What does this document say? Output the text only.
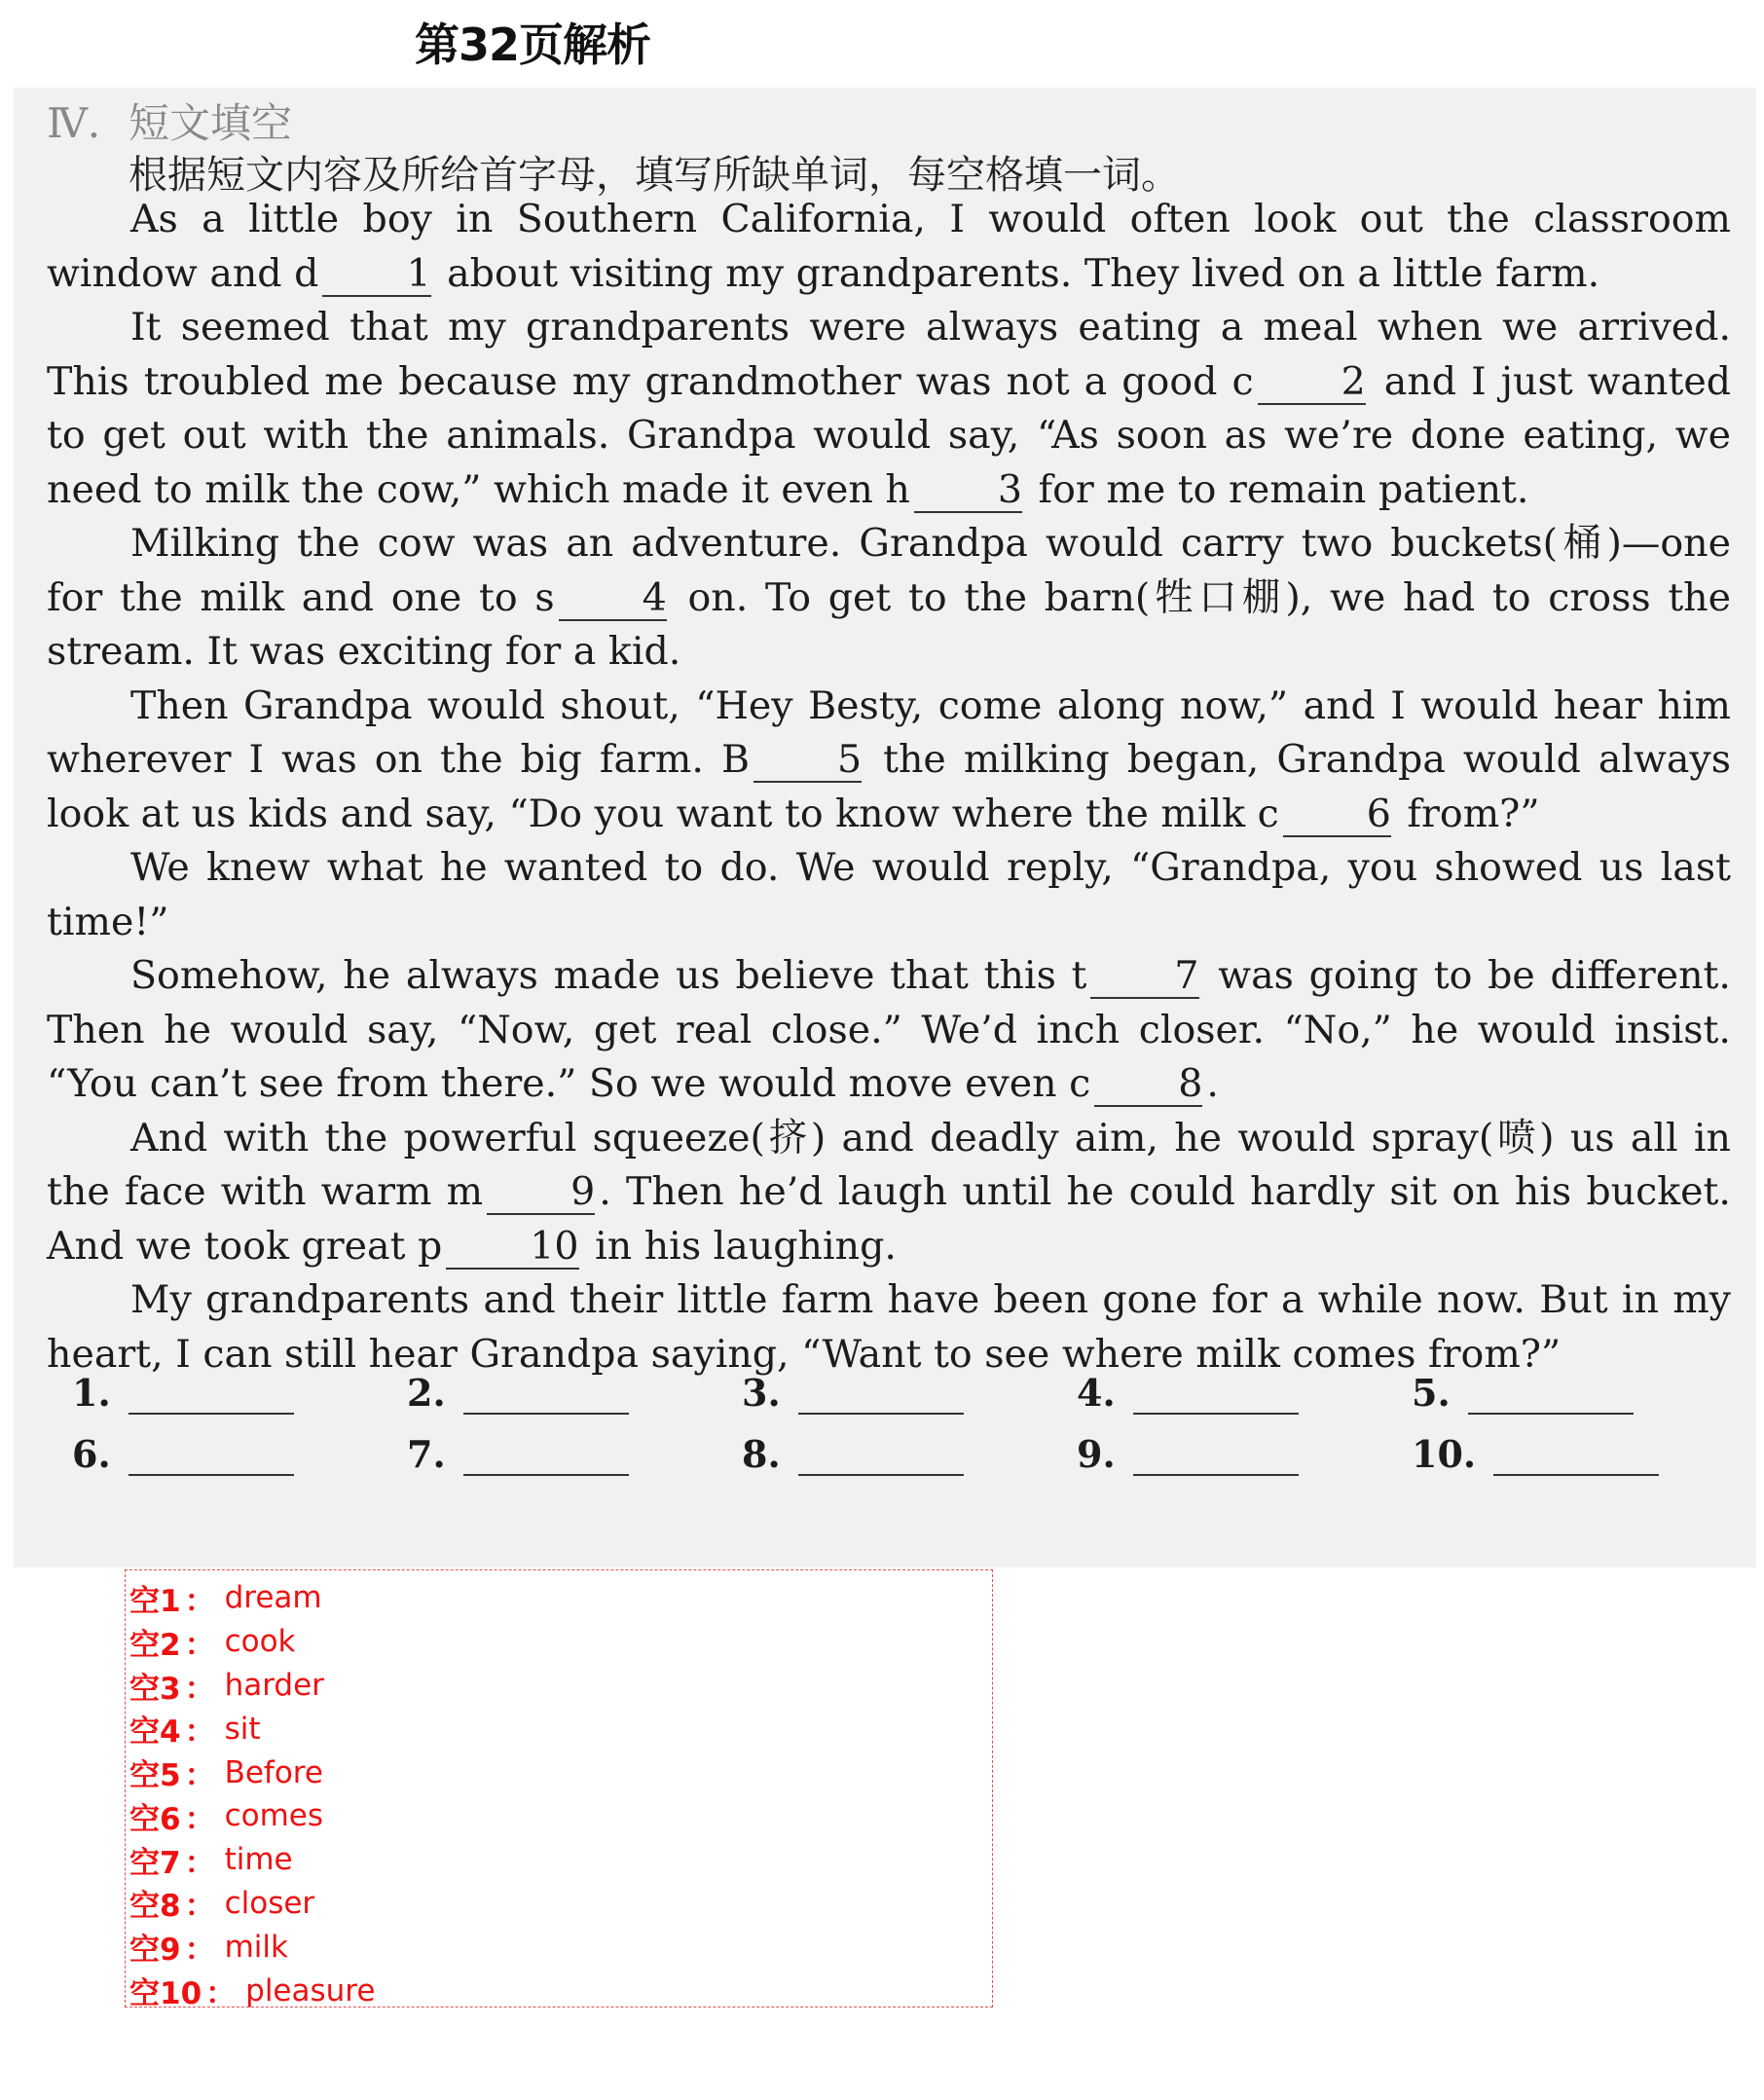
第32页解析
Ⅳ．短文填空
根据短文内容及所给首字母，填写所缺单词，每空格填一词。

As a little boy in Southern California, I would often look out the classroom window and d 1 about visiting my grandparents. They lived on a little farm.

It seemed that my grandparents were always eating a meal when we arrived. This troubled me because my grandmother was not a good c 2 and I just wanted to get out with the animals. Grandpa would say, “As soon as we’re done eating, we need to milk the cow,” which made it even h 3 for me to remain patient.

Milking the cow was an adventure. Grandpa would carry two buckets(桶)—one for the milk and one to s 4 on. To get to the barn(牲口棚), we had to cross the stream. It was exciting for a kid.

Then Grandpa would shout, “Hey Besty, come along now,” and I would hear him wherever I was on the big farm. B 5 the milking began, Grandpa would always look at us kids and say, “Do you want to know where the milk c 6 from?”

We knew what he wanted to do. We would reply, “Grandpa, you showed us last time!”

Somehow, he always made us believe that this t 7 was going to be different. Then he would say, “Now, get real close.” We’d inch closer. “No,” he would insist. “You can’t see from there.” So we would move even c 8 .

And with the powerful squeeze(挤) and deadly aim, he would spray(喷) us all in the face with warm m 9 . Then he’d laugh until he could hardly sit on his bucket. And we took great p 10 in his laughing.

My grandparents and their little farm have been gone for a while now. But in my heart, I can still hear Grandpa saying, “Want to see where milk comes from?”

1.	2.	3.	4.	5.
6.	7.	8.	9.	10.
空1 ： dream
空2 ： cook
空3 ： harder
空4 ： sit
空5 ： Before
空6 ： comes
空7 ： time
空8 ： closer
空9 ： milk
空10 ： pleasure
